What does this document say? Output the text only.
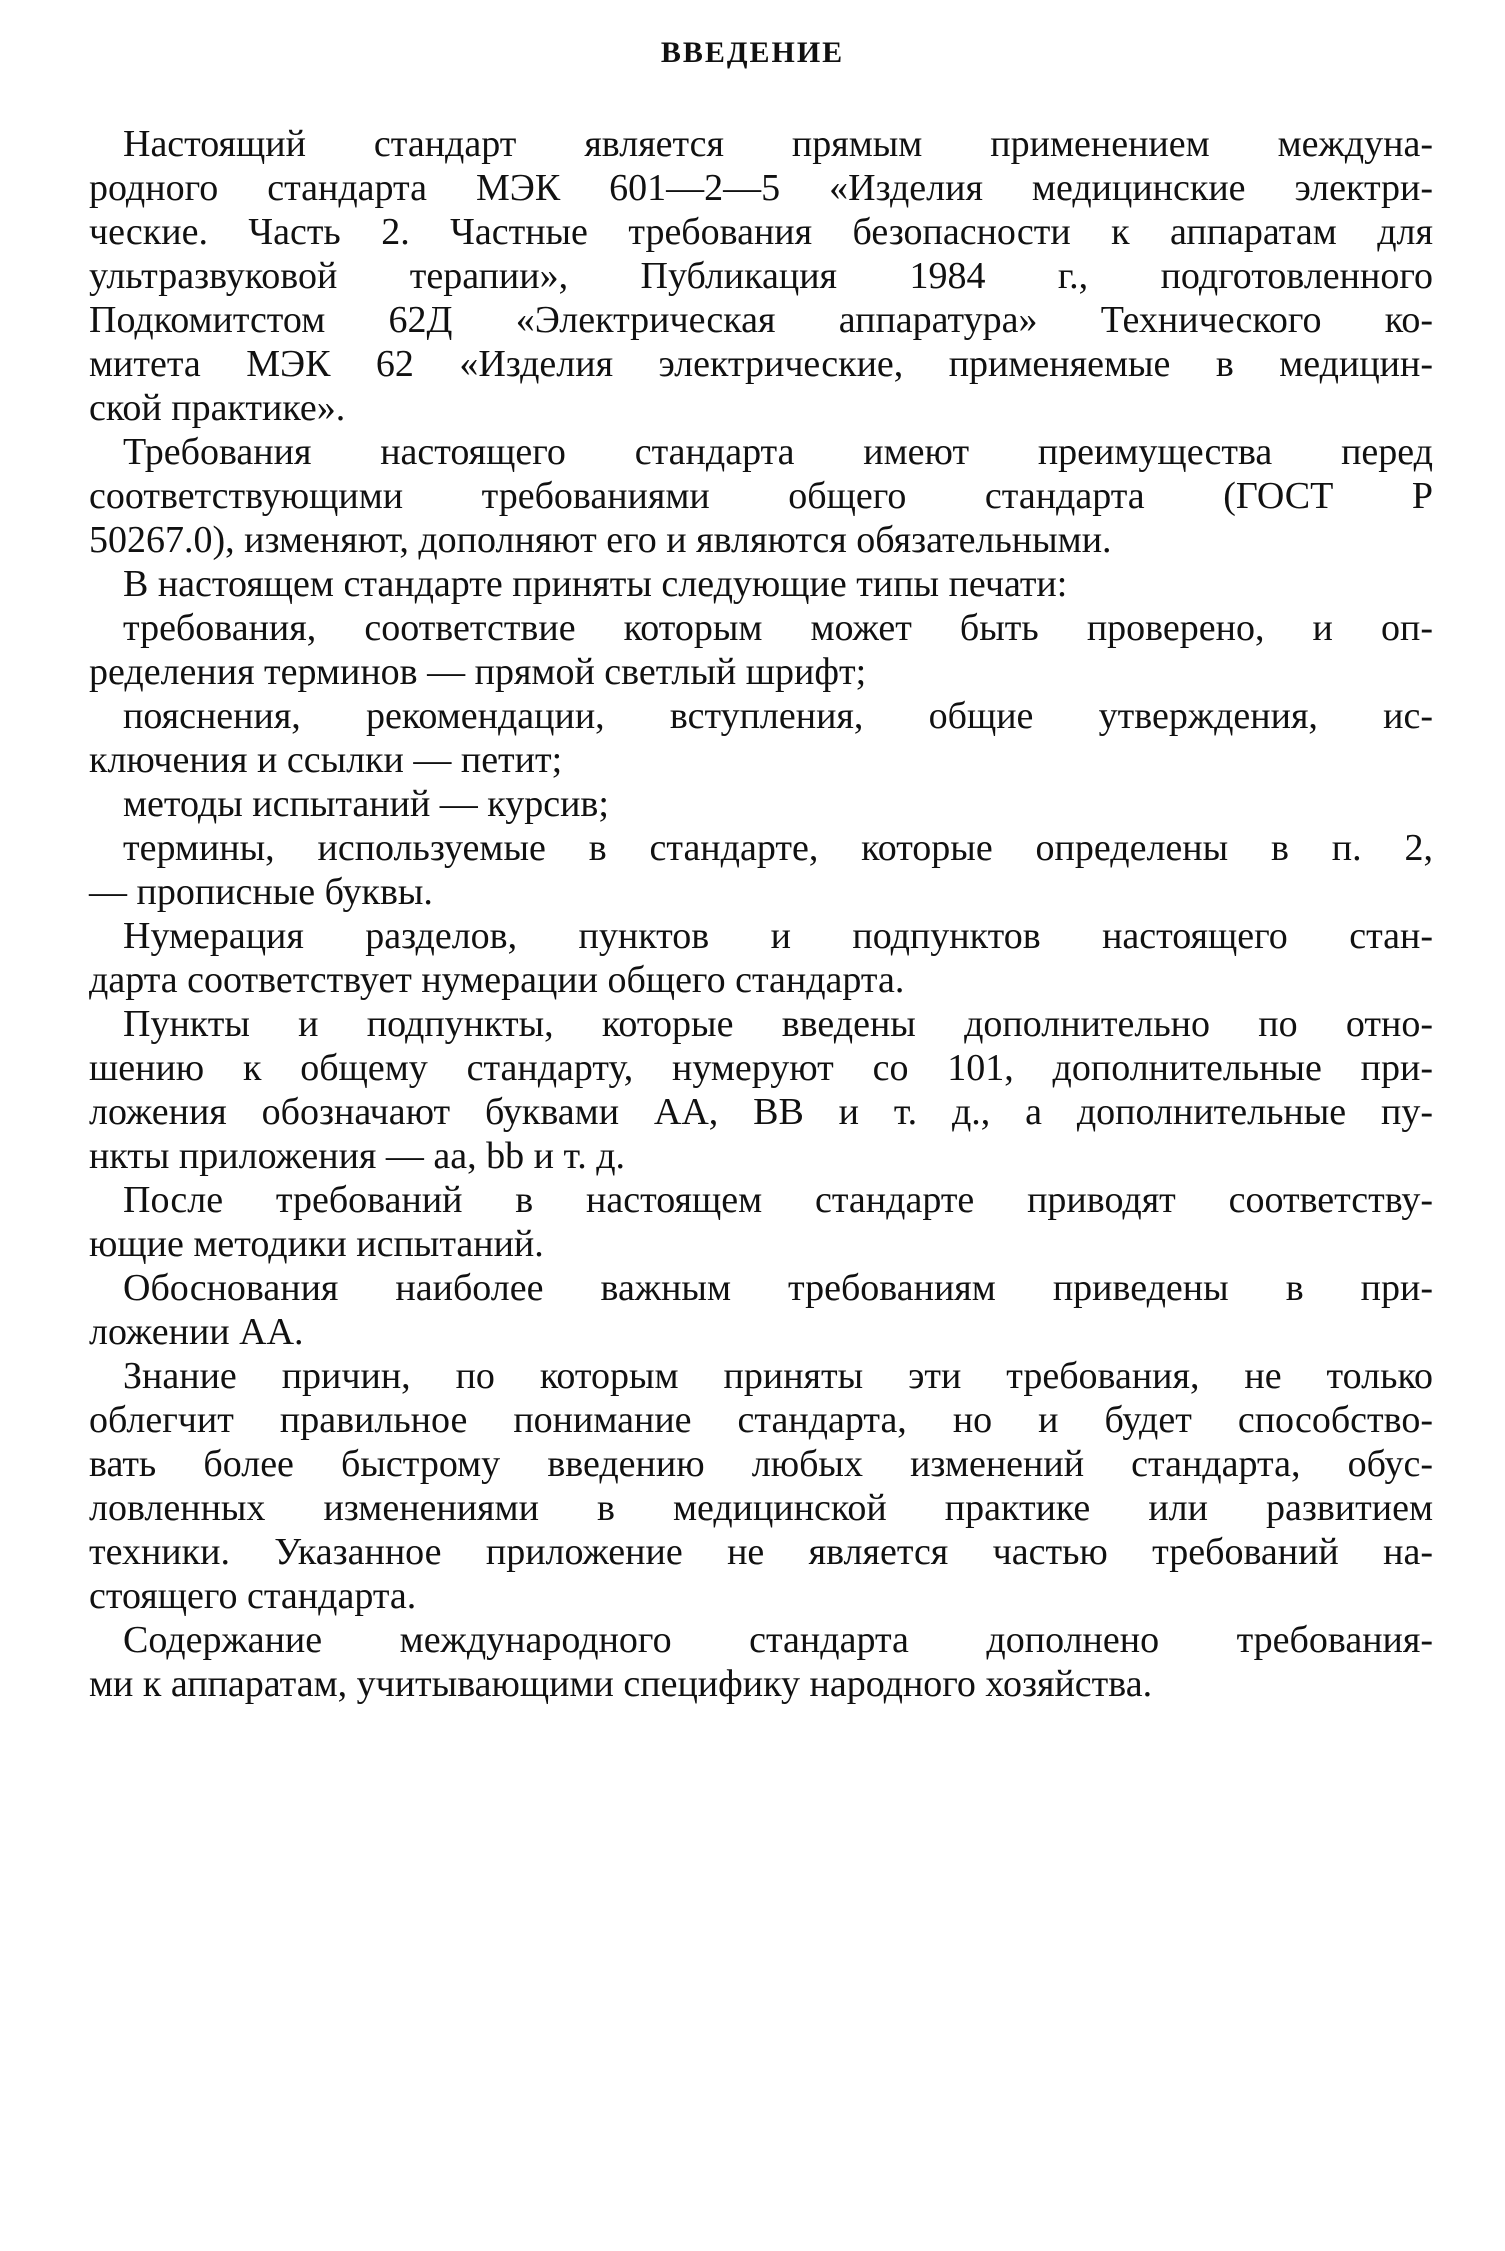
ВВЕДЕНИЕ
Настоящий стандарт является прямым применением междуна-
родного стандарта МЭК 601—2—5 «Изделия медицинские электри-
ческие. Часть 2. Частные требования безопасности к аппаратам для
ультразвуковой терапии», Публикация 1984 г., подготовленного
Подкомитстом 62Д «Электрическая аппаратура» Технического ко-
митета МЭК 62 «Изделия электрические, применяемые в медицин-
ской практике».
Требования настоящего стандарта имеют преимущества перед
соответствующими требованиями общего стандарта (ГОСТ Р
50267.0), изменяют, дополняют его и являются обязательными.
В настоящем стандарте приняты следующие типы печати:
требования, соответствие которым может быть проверено, и оп-
ределения терминов — прямой светлый шрифт;
пояснения, рекомендации, вступления, общие утверждения, ис-
ключения и ссылки — петит;
методы испытаний — курсив;
термины, используемые в стандарте, которые определены в п. 2,
— прописные буквы.
Нумерация разделов, пунктов и подпунктов настоящего стан-
дарта соответствует нумерации общего стандарта.
Пункты и подпункты, которые введены дополнительно по отно-
шению к общему стандарту, нумеруют со 101, дополнительные при-
ложения обозначают буквами АА, ВВ и т. д., а дополнительные пу-
нкты приложения — аа, bb и т. д.
После требований в настоящем стандарте приводят соответству-
ющие методики испытаний.
Обоснования наиболее важным требованиям приведены в при-
ложении АА.
Знание причин, по которым приняты эти требования, не только
облегчит правильное понимание стандарта, но и будет способство-
вать более быстрому введению любых изменений стандарта, обус-
ловленных изменениями в медицинской практике или развитием
техники. Указанное приложение не является частью требований на-
стоящего стандарта.
Содержание международного стандарта дополнено требования-
ми к аппаратам, учитывающими специфику народного хозяйства.
